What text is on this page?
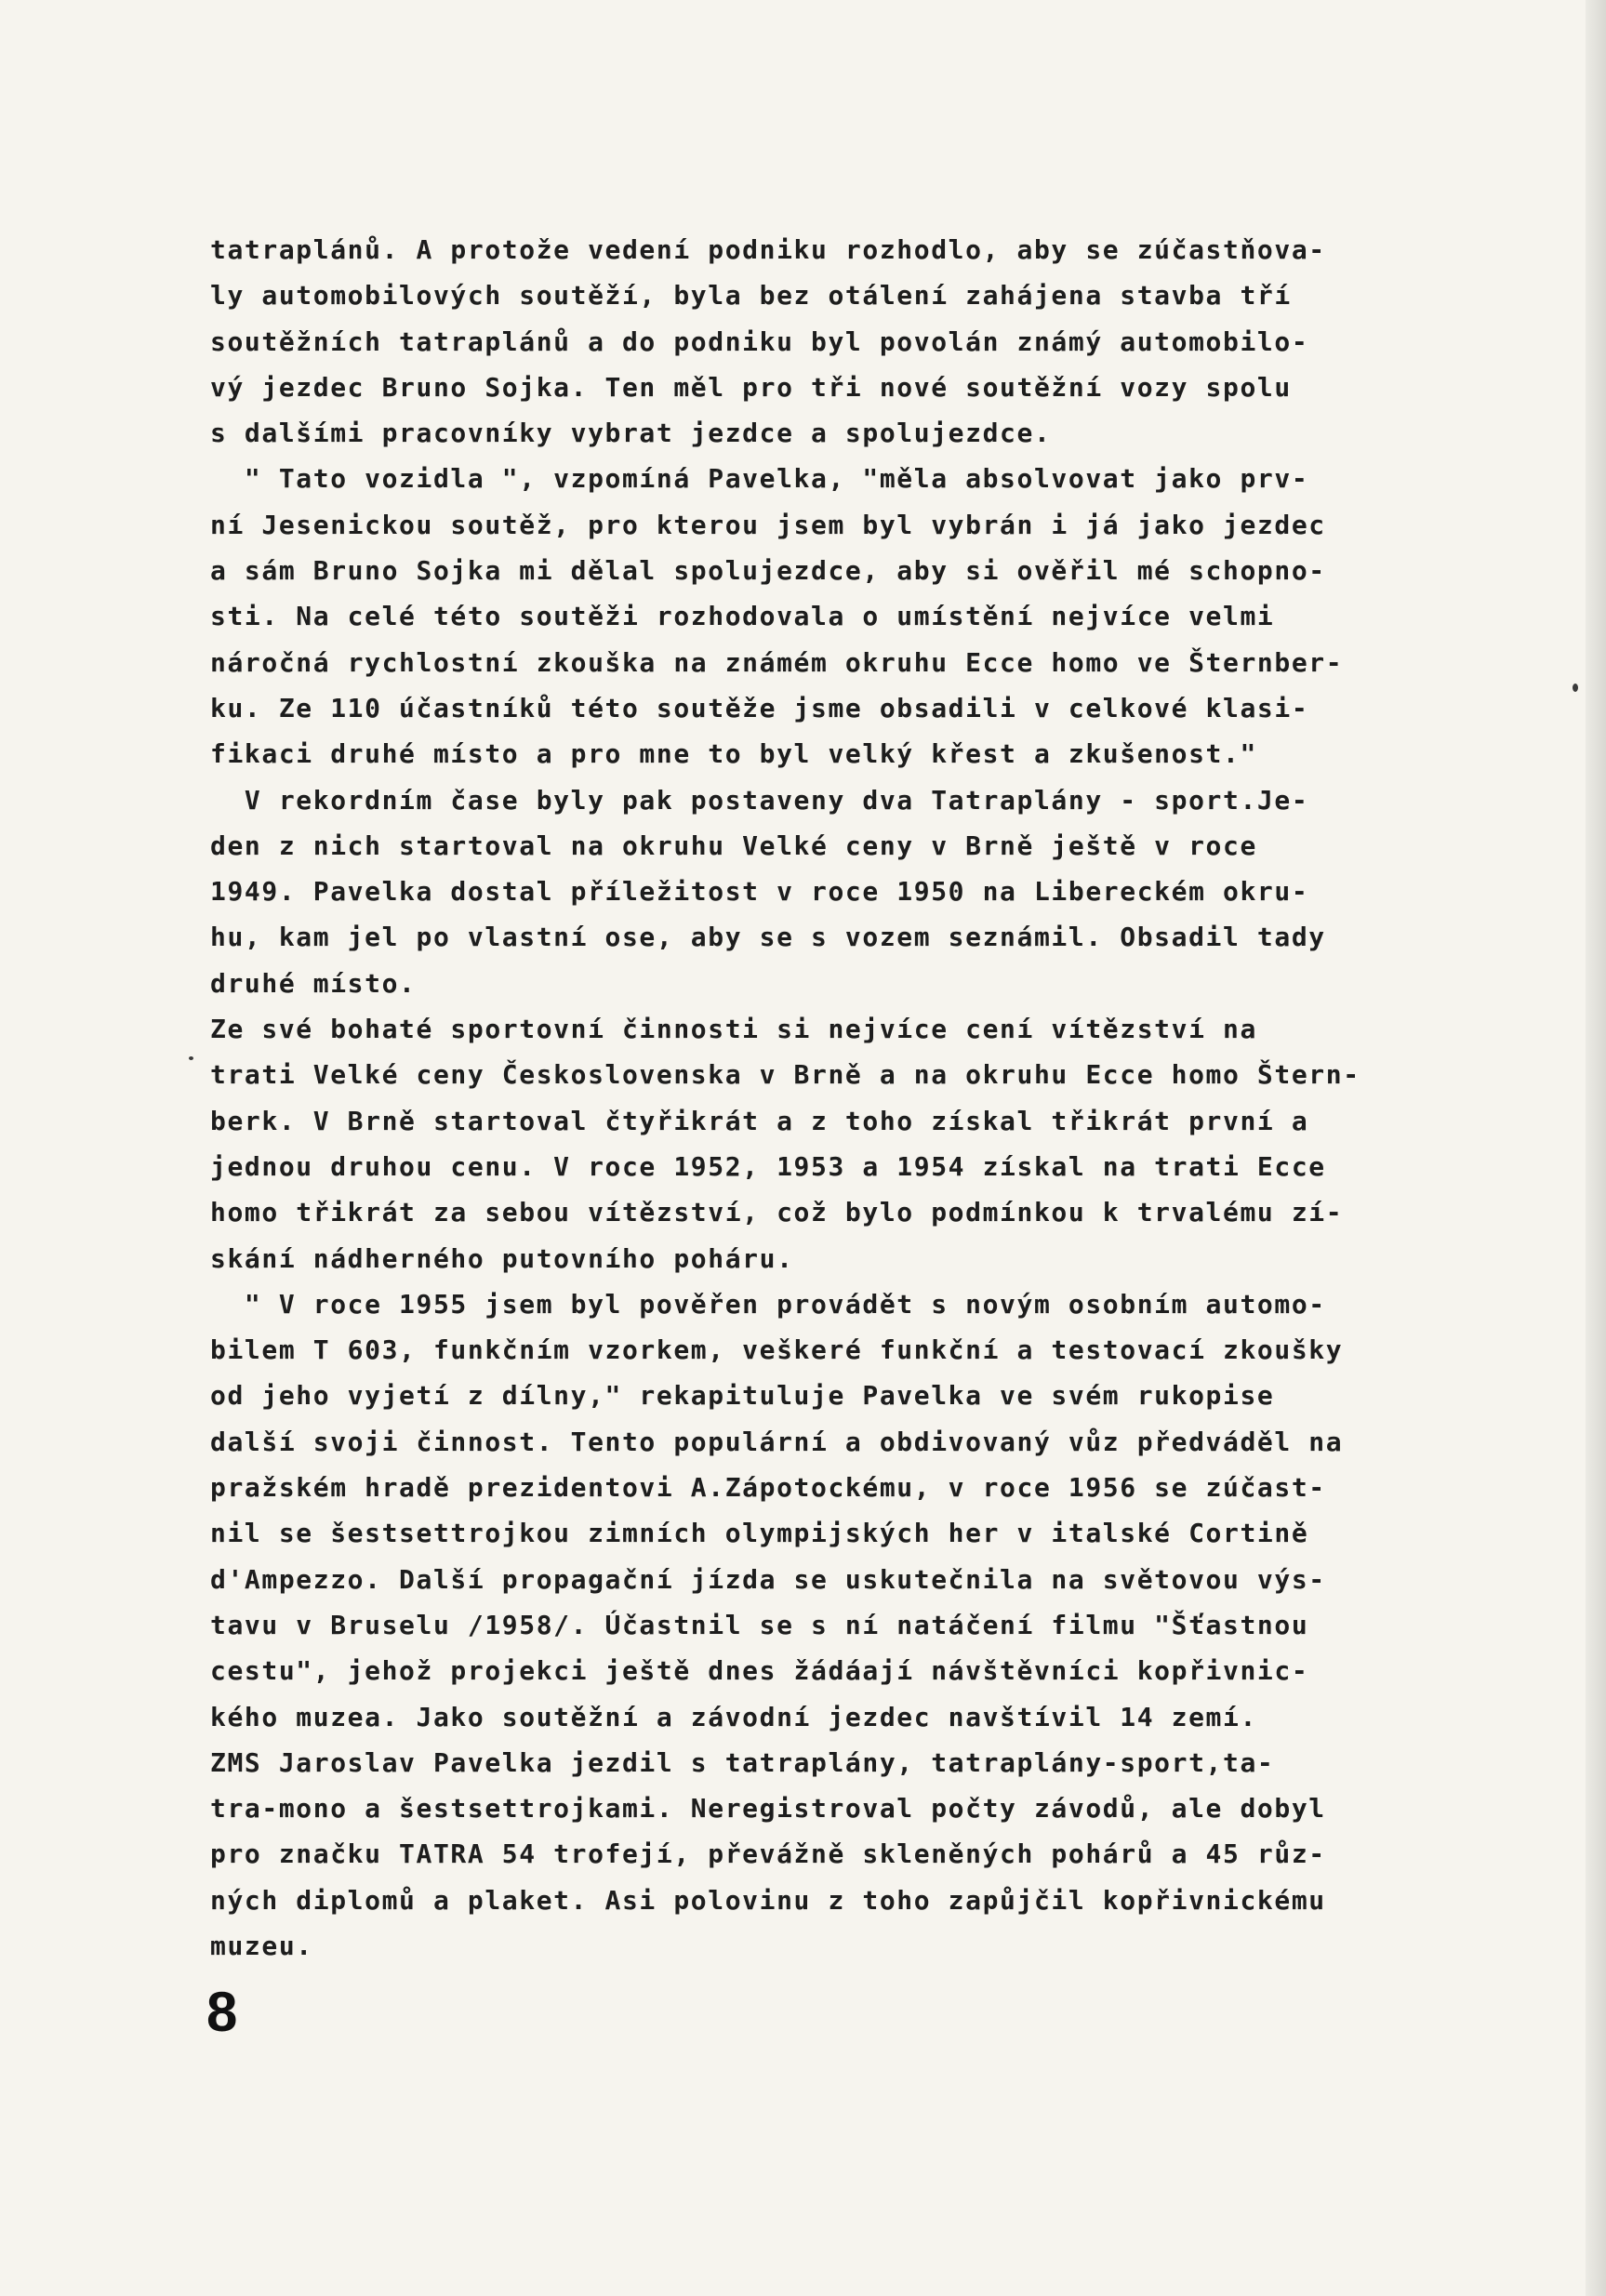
tatraplánů. A protože vedení podniku rozhodlo, aby se zúčastňova-
ly automobilových soutěží, byla bez otálení zahájena stavba tří
soutěžních tatraplánů a do podniku byl povolán známý automobilo-
vý jezdec Bruno Sojka. Ten měl pro tři nové soutěžní vozy spolu
s dalšími pracovníky vybrat jezdce a spolujezdce.
" Tato vozidla ", vzpomíná Pavelka, "měla absolvovat jako prv-
ní Jesenickou soutěž, pro kterou jsem byl vybrán i já jako jezdec
a sám Bruno Sojka mi dělal spolujezdce, aby si ověřil mé schopno-
sti. Na celé této soutěži rozhodovala o umístění nejvíce velmi
náročná rychlostní zkouška na známém okruhu Ecce homo ve Šternber-
ku. Ze 110 účastníků této soutěže jsme obsadili v celkové klasi-
fikaci druhé místo a pro mne to byl velký křest a zkušenost."
V rekordním čase byly pak postaveny dva Tatraplány - sport.Je-
den z nich startoval na okruhu Velké ceny v Brně ještě v roce
1949. Pavelka dostal příležitost v roce 1950 na Libereckém okru-
hu, kam jel po vlastní ose, aby se s vozem seznámil. Obsadil tady
druhé místo.
Ze své bohaté sportovní činnosti si nejvíce cení vítězství na
trati Velké ceny Československa v Brně a na okruhu Ecce homo Štern-
berk. V Brně startoval čtyřikrát a z toho získal třikrát první a
jednou druhou cenu. V roce 1952, 1953 a 1954 získal na trati Ecce
homo třikrát za sebou vítězství, což bylo podmínkou k trvalému zí-
skání nádherného putovního poháru.
" V roce 1955 jsem byl pověřen provádět s novým osobním automo-
bilem T 603, funkčním vzorkem, veškeré funkční a testovací zkoušky
od jeho vyjetí z dílny," rekapituluje Pavelka ve svém rukopise
další svoji činnost. Tento populární a obdivovaný vůz předváděl na
pražském hradě prezidentovi A.Zápotockému, v roce 1956 se zúčast-
nil se šestsettrojkou zimních olympijských her v italské Cortině
d'Ampezzo. Další propagační jízda se uskutečnila na světovou výs-
tavu v Bruselu /1958/. Účastnil se s ní natáčení filmu "Šťastnou
cestu", jehož projekci ještě dnes žádáají návštěvníci kopřivnic-
kého muzea. Jako soutěžní a závodní jezdec navštívil 14 zemí.
ZMS Jaroslav Pavelka jezdil s tatraplány, tatraplány-sport,ta-
tra-mono a šestsettrojkami. Neregistroval počty závodů, ale dobyl
pro značku TATRA 54 trofejí, převážně skleněných pohárů a 45 růz-
ných diplomů a plaket. Asi polovinu z toho zapůjčil kopřivnickému
muzeu.
8
